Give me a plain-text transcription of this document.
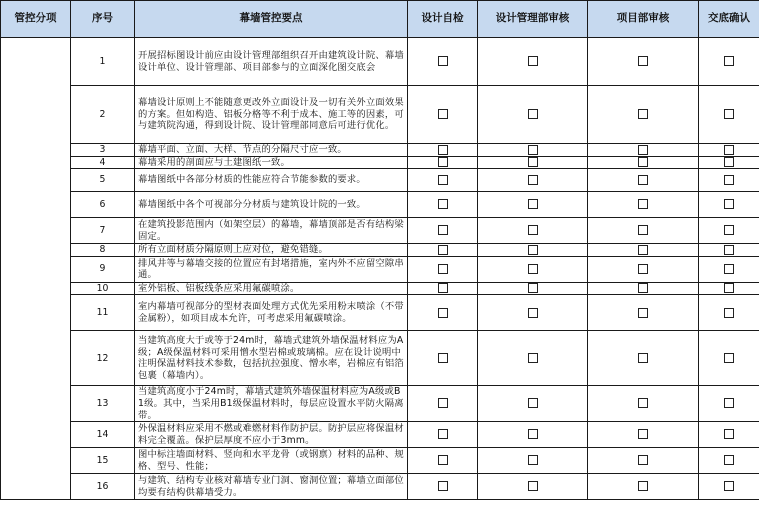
管控分项	序号	幕墙管控要点	设计自检	设计管理部审核	项目部审核	交底确认
	1	开展招标图设计前应由设计管理部组织召开由建筑设计院、幕墙设计单位、设计管理部、项目部参与的立面深化图交底会				
	2	幕墙设计原则上不能随意更改外立面设计及一切有关外立面效果的方案。但如构造、铝板分格等不利于成本、施工等的因素，可与建筑院沟通，得到设计院、设计管理部同意后可进行优化。				
	3	幕墙平面、立面、大样、节点的分隔尺寸应一致。				
	4	幕墙采用的剖面应与土建图纸一致。				
	5	幕墙图纸中各部分材质的性能应符合节能参数的要求。				
	6	幕墙图纸中各个可视部分分材质与建筑设计院的一致。				
	7	在建筑投影范围内（如架空层）的幕墙，幕墙顶部是否有结构梁固定。				
	8	所有立面材质分隔原则上应对位，避免错缝。				
	9	排风井等与幕墙交接的位置应有封堵措施，室内外不应留空隙串通。				
	10	室外铝板、铝板线条应采用氟碳喷涂。				
	11	室内幕墙可视部分的型材表面处理方式优先采用粉末喷涂（不带金属粉），如项目成本允许，可考虑采用氟碳喷涂。				
	12	当建筑高度大于或等于24m时，幕墙式建筑外墙保温材料应为A级；A级保温材料可采用憎水型岩棉或玻璃棉。应在设计说明中注明保温材料技术参数，包括抗拉强度、憎水率，岩棉应有铝箔包裹（幕墙内）。				
	13	当建筑高度小于24m时，幕墙式建筑外墙保温材料应为A级或B1级。其中，当采用B1级保温材料时，每层应设置水平防火隔离带。				
	14	外保温材料应采用不燃或难燃材料作防护层。防护层应将保温材料完全覆盖。保护层厚度不应小于3mm。				
	15	图中标注墙面材料、竖向和水平龙骨（或钢禀）材料的品种、规格、型号、性能；				
	16	与建筑、结构专业核对幕墙专业门洞、窗洞位置；幕墙立面部位均要有结构供幕墙受力。				
